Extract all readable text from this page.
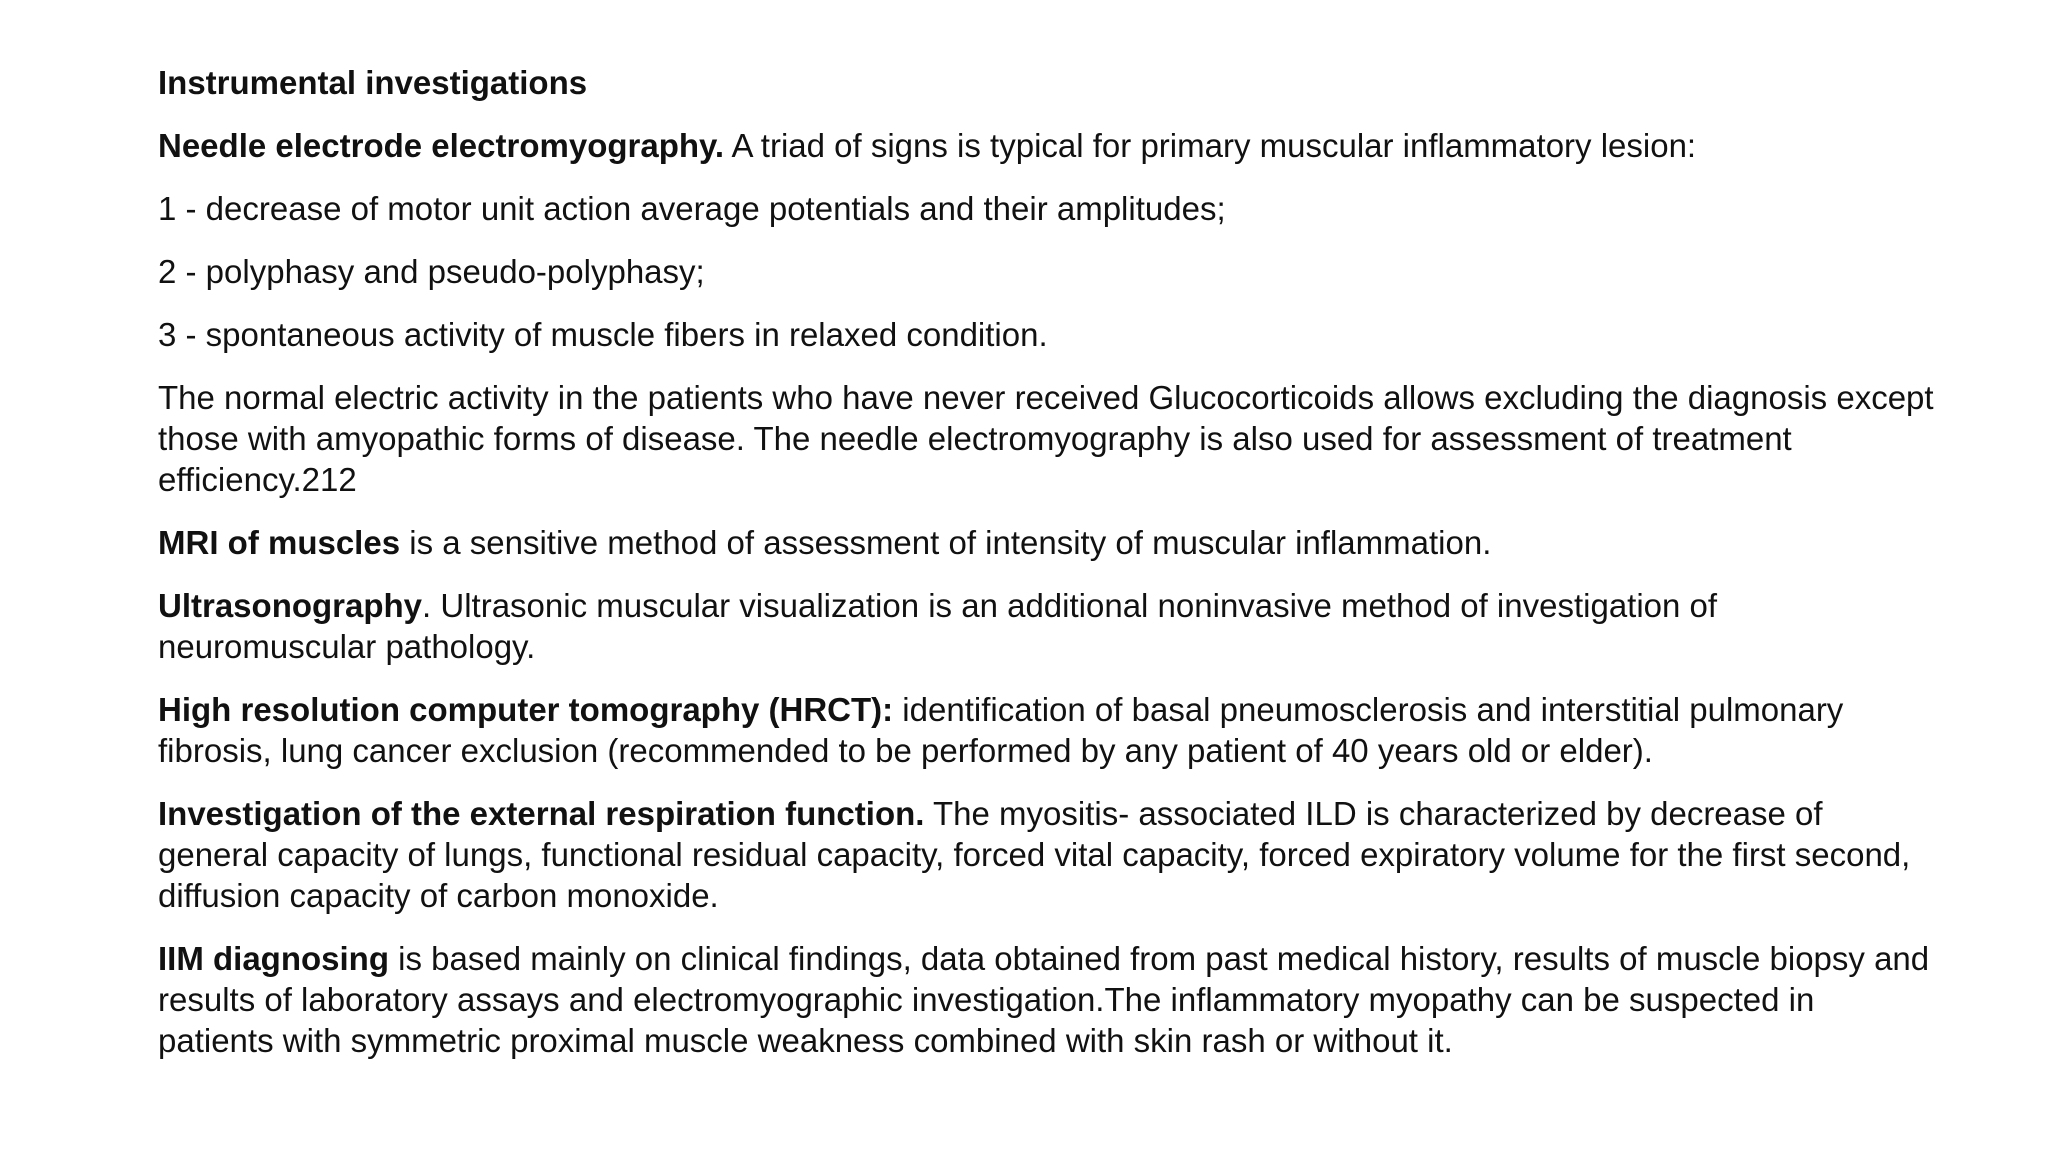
Instrumental investigations

Needle electrode electromyography. A triad of signs is typical for primary muscular inflammatory lesion:

1 - decrease of motor unit action average potentials and their amplitudes;

2 - polyphasy and pseudo-polyphasy;

3 - spontaneous activity of muscle fibers in relaxed condition.

The normal electric activity in the patients who have never received Glucocorticoids allows excluding the diagnosis except those with amyopathic forms of disease. The needle electromyography is also used for assessment of treatment efficiency.212

MRI of muscles is a sensitive method of assessment of intensity of muscular inflammation.

Ultrasonography. Ultrasonic muscular visualization is an additional noninvasive method of investigation of neuromuscular pathology.

High resolution computer tomography (HRCT): identification of basal pneumosclerosis and interstitial pulmonary fibrosis, lung cancer exclusion (recommended to be performed by any patient of 40 years old or elder).

Investigation of the external respiration function. The myositis- associated ILD is characterized by decrease of general capacity of lungs, functional residual capacity, forced vital capacity, forced expiratory volume for the first second, diffusion capacity of carbon monoxide.

IIM diagnosing is based mainly on clinical findings, data obtained from past medical history, results of muscle biopsy and results of laboratory assays and electromyographic investigation.The inflammatory myopathy can be suspected in patients with symmetric proximal muscle weakness combined with skin rash or without it.
